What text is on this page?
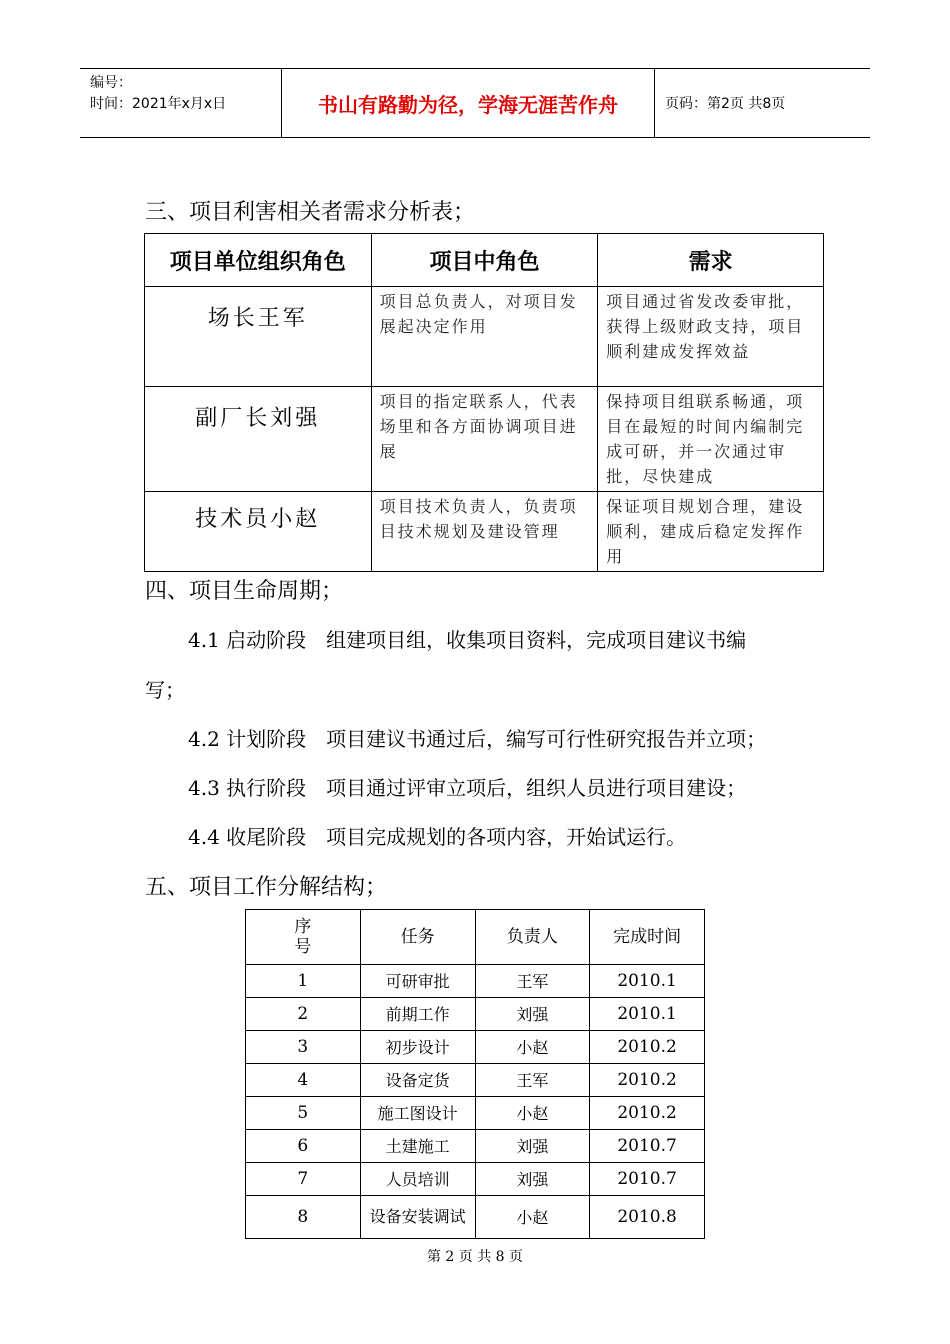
编号：
时间：2021年x月x日	书山有路勤为径，学海无涯苦作舟	页码：第2页 共8页
三、项目利害相关者需求分析表；
项目单位组织角色	项目中角色	需求
场长王军	项目总负责人，对项目发展起决定作用	项目通过省发改委审批，获得上级财政支持，项目顺利建成发挥效益
副厂长刘强	项目的指定联系人，代表场里和各方面协调项目进展	保持项目组联系畅通，项目在最短的时间内编制完成可研，并一次通过审批，尽快建成
技术员小赵	项目技术负责人，负责项目技术规划及建设管理	保证项目规划合理，建设顺利，建成后稳定发挥作用
四、项目生命周期；

4.1 启动阶段　组建项目组，收集项目资料，完成项目建议书编

写；

4.2 计划阶段　项目建议书通过后，编写可行性研究报告并立项；

4.3 执行阶段　项目通过评审立项后，组织人员进行项目建设；

4.4 收尾阶段　项目完成规划的各项内容，开始试运行。

五、项目工作分解结构；
序号	任务	负责人	完成时间
1	可研审批	王军	2010.1
2	前期工作	刘强	2010.1
3	初步设计	小赵	2010.2
4	设备定货	王军	2010.2
5	施工图设计	小赵	2010.2
6	土建施工	刘强	2010.7
7	人员培训	刘强	2010.7
8	设备安装调试	小赵	2010.8
第 2 页 共 8 页
